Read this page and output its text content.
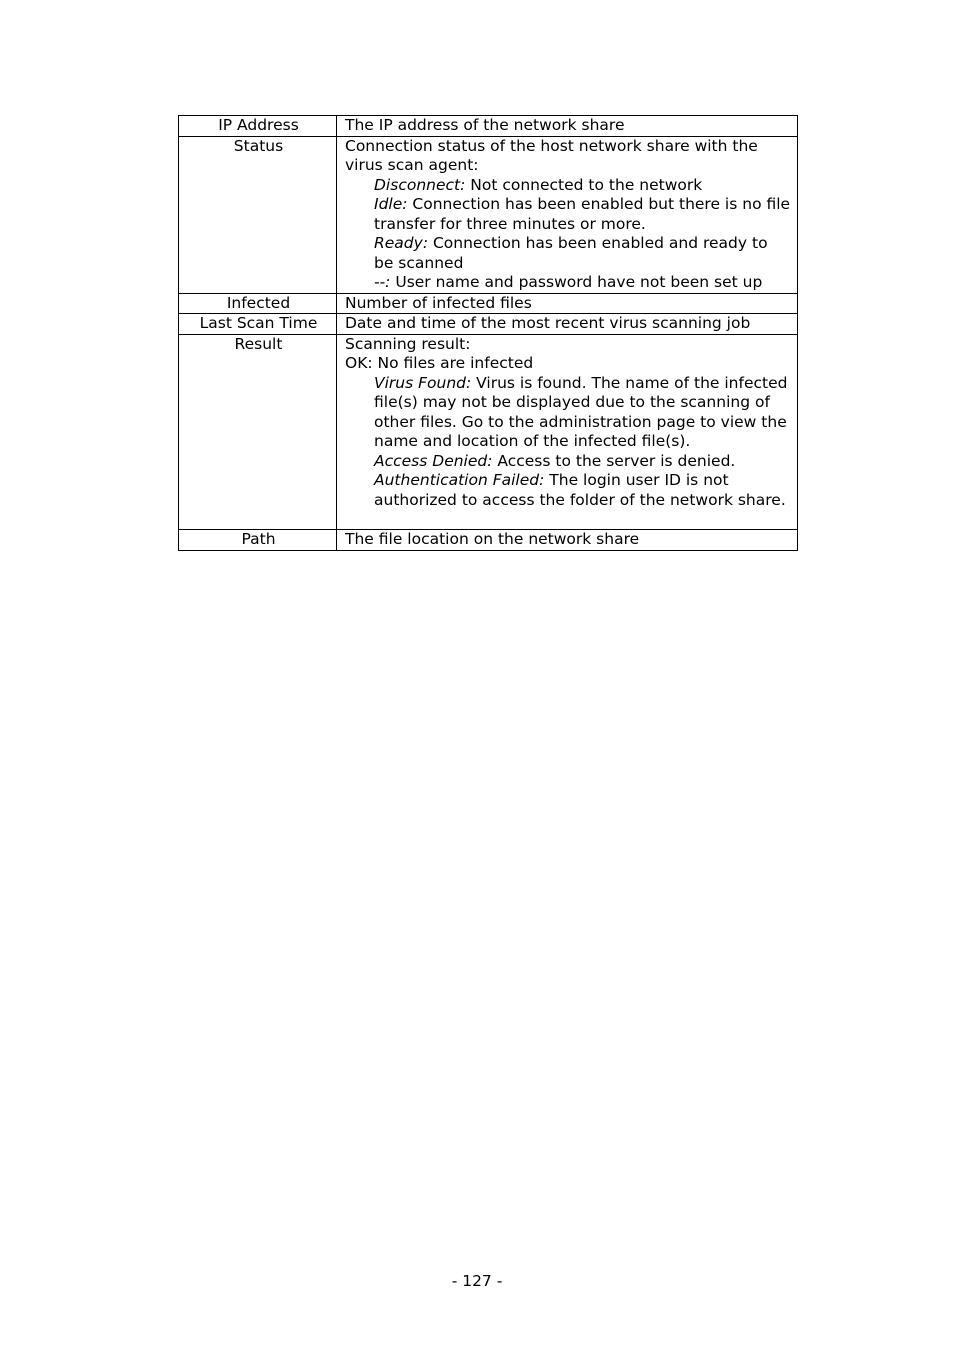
IP Address	The IP address of the network share
Status	Connection status of the host network share with the virus scan agent:
Disconnect: Not connected to the network
Idle: Connection has been enabled but there is no file transfer for three minutes or more.
Ready: Connection has been enabled and ready to be scanned
--: User name and password have not been set up

Infected	Number of infected files
Last Scan Time	Date and time of the most recent virus scanning job
Result	Scanning result:
OK: No files are infected
Virus Found: Virus is found. The name of the infected file(s) may not be displayed due to the scanning of other files. Go to the administration page to view the name and location of the infected file(s).
Access Denied: Access to the server is denied.
Authentication Failed: The login user ID is not authorized to access the folder of the network share.

Path	The file location on the network share
- 127 -
